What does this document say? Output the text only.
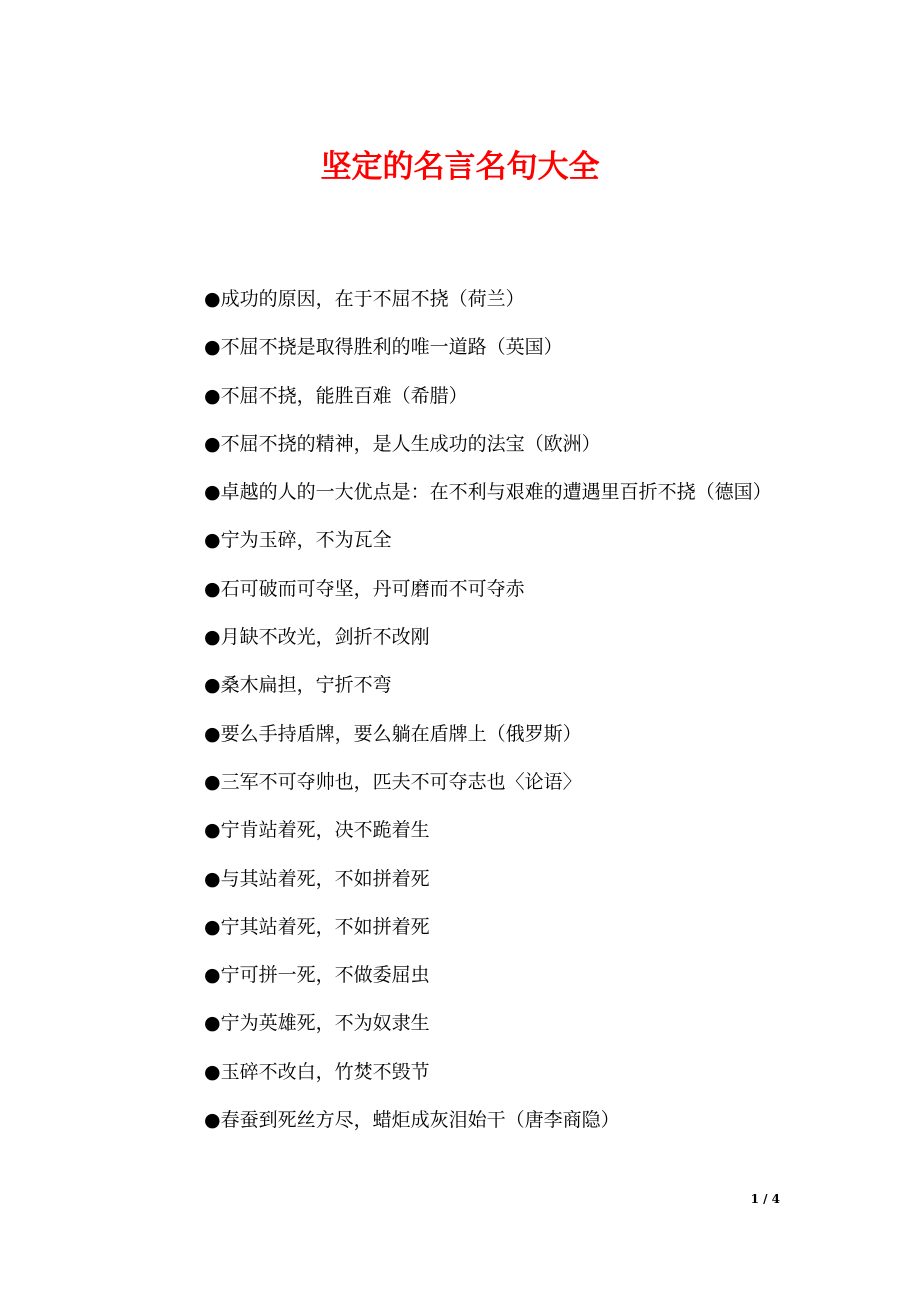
坚定的名言名句大全
●成功的原因，在于不屈不挠（荷兰）
●不屈不挠是取得胜利的唯一道路（英国）
●不屈不挠，能胜百难（希腊）
●不屈不挠的精神，是人生成功的法宝（欧洲）
●卓越的人的一大优点是：在不利与艰难的遭遇里百折不挠（德国）
●宁为玉碎，不为瓦全
●石可破而可夺坚，丹可磨而不可夺赤
●月缺不改光，剑折不改刚
●桑木扁担，宁折不弯
●要么手持盾牌，要么躺在盾牌上（俄罗斯）
●三军不可夺帅也，匹夫不可夺志也〈论语〉
●宁肯站着死，决不跪着生
●与其站着死，不如拼着死
●宁其站着死，不如拼着死
●宁可拼一死，不做委屈虫
●宁为英雄死，不为奴隶生
●玉碎不改白，竹焚不毁节
●春蚕到死丝方尽，蜡炬成灰泪始干（唐李商隐）
1 / 4
